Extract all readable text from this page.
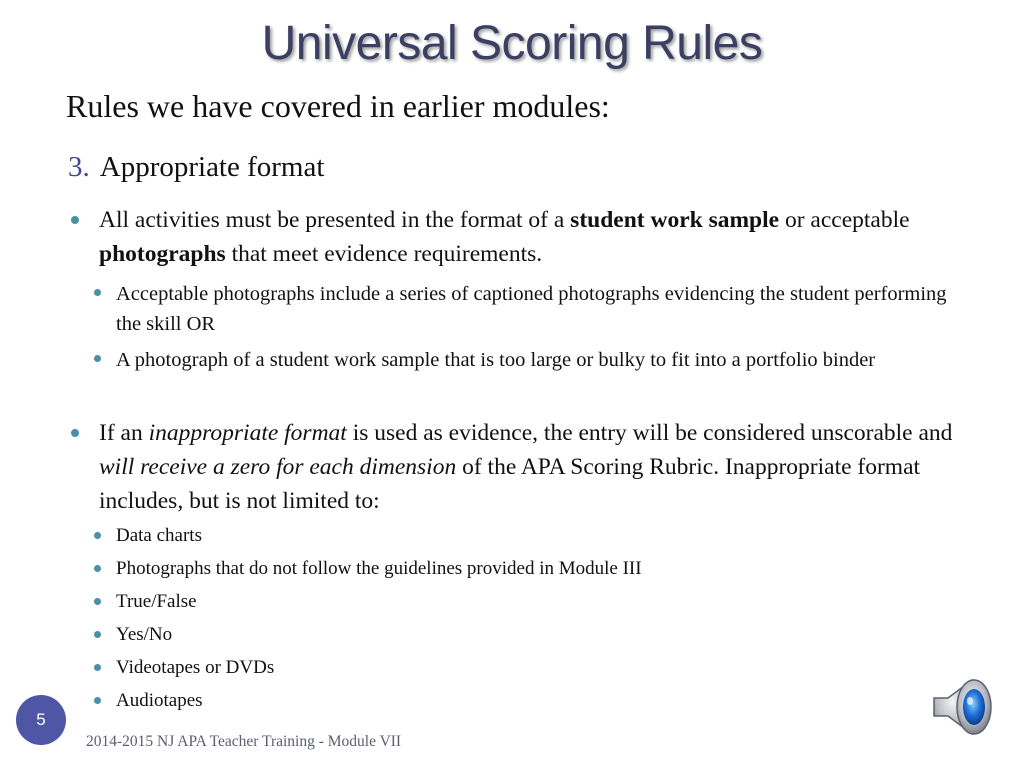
Universal Scoring Rules
Rules we have covered in earlier modules:
3. Appropriate format
All activities must be presented in the format of a student work sample or acceptable photographs that meet evidence requirements.
Acceptable photographs include a series of captioned photographs evidencing the student performing the skill OR
A photograph of a student work sample that is too large or bulky to fit into a portfolio binder
If an inappropriate format is used as evidence, the entry will be considered unscorable and will receive a zero for each dimension of the APA Scoring Rubric. Inappropriate format includes, but is not limited to:
Data charts
Photographs that do not follow the guidelines provided in Module III
True/False
Yes/No
Videotapes or DVDs
Audiotapes
5
2014-2015 NJ APA Teacher Training - Module VII
